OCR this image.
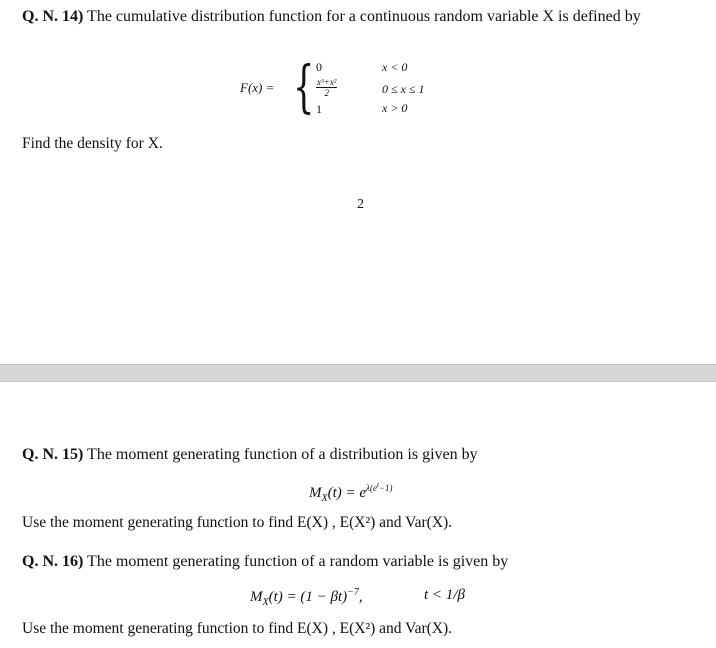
Q. N. 14) The cumulative distribution function for a continuous random variable X is defined by
F(x) = { 0
$\frac{\text{x³+x²}}{2}$
1
x < 0
0 ≤ x ≤ 1
x > 0
Find the density for X.
2
Q. N. 15) The moment generating function of a distribution is given by
$M_X(t) = e^{\lambda(e^t-1)}$
Use the moment generating function to find E(X) , E(X²) and Var(X).
Q. N. 16) The moment generating function of a random variable is given by
$M_X(t) = (1 - \beta t)^{-7}$,	t < 1/β
Use the moment generating function to find E(X) , E(X²) and Var(X).
